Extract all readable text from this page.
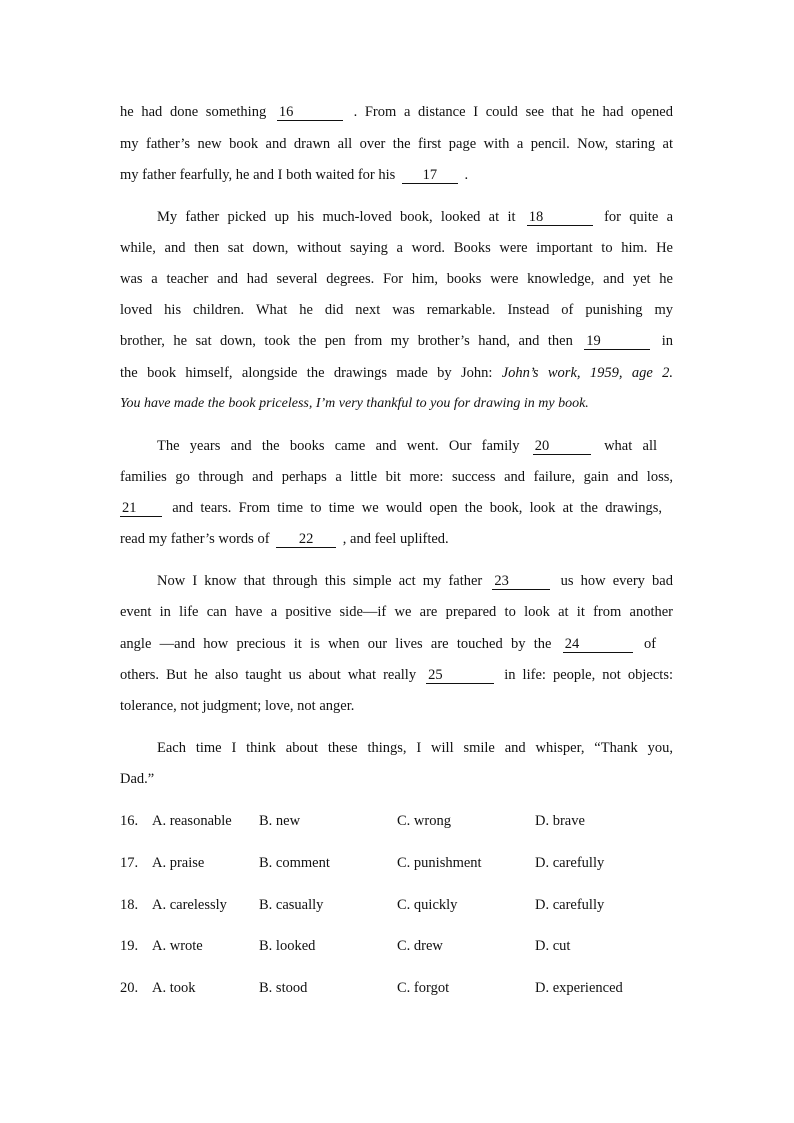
he had done something 16	. From a distance I could see that he had opened
my father’s new book and drawn all over the first page with a pencil. Now, staring at
my father fearfully, he and I both waited for his 17 .
My father picked up his much-loved book, looked at it 18	for quite a
while, and then sat down, without saying a word. Books were important to him. He
was a teacher and had several degrees. For him, books were knowledge, and yet he
loved his children. What he did next was remarkable. Instead of punishing my
brother, he sat down, took the pen from my brother’s hand, and then 19	in
the book himself, alongside the drawings made by John: John’s work, 1959, age 2.
You have made the book priceless, I’m very thankful to you for drawing in my book.
The years and the books came and went. Our family 20	what all
families go through and perhaps a little bit more: success and failure, gain and loss,
21 and tears. From time to time we would open the book, look at the drawings,
read my father’s words of 22 , and feel uplifted.
Now I know that through this simple act my father 23	us how every bad
event in life can have a positive side—if we are prepared to look at it from another
angle —and how precious it is when our lives are touched by the 24	of
others. But he also taught us about what really 25	in life: people, not objects:
tolerance, not judgment; love, not anger.
Each time I think about these things, I will smile and whisper, “Thank you,
Dad.”
16. A. reasonable B. new	C. wrong	D. brave
17. A. praise	B. comment	C. punishment	D. carefully
18. A. carelessly B. casually	C. quickly	D. carefully
19. A. wrote	B. looked	C. drew	D. cut
20. A. took	B. stood	C. forgot	D. experienced
